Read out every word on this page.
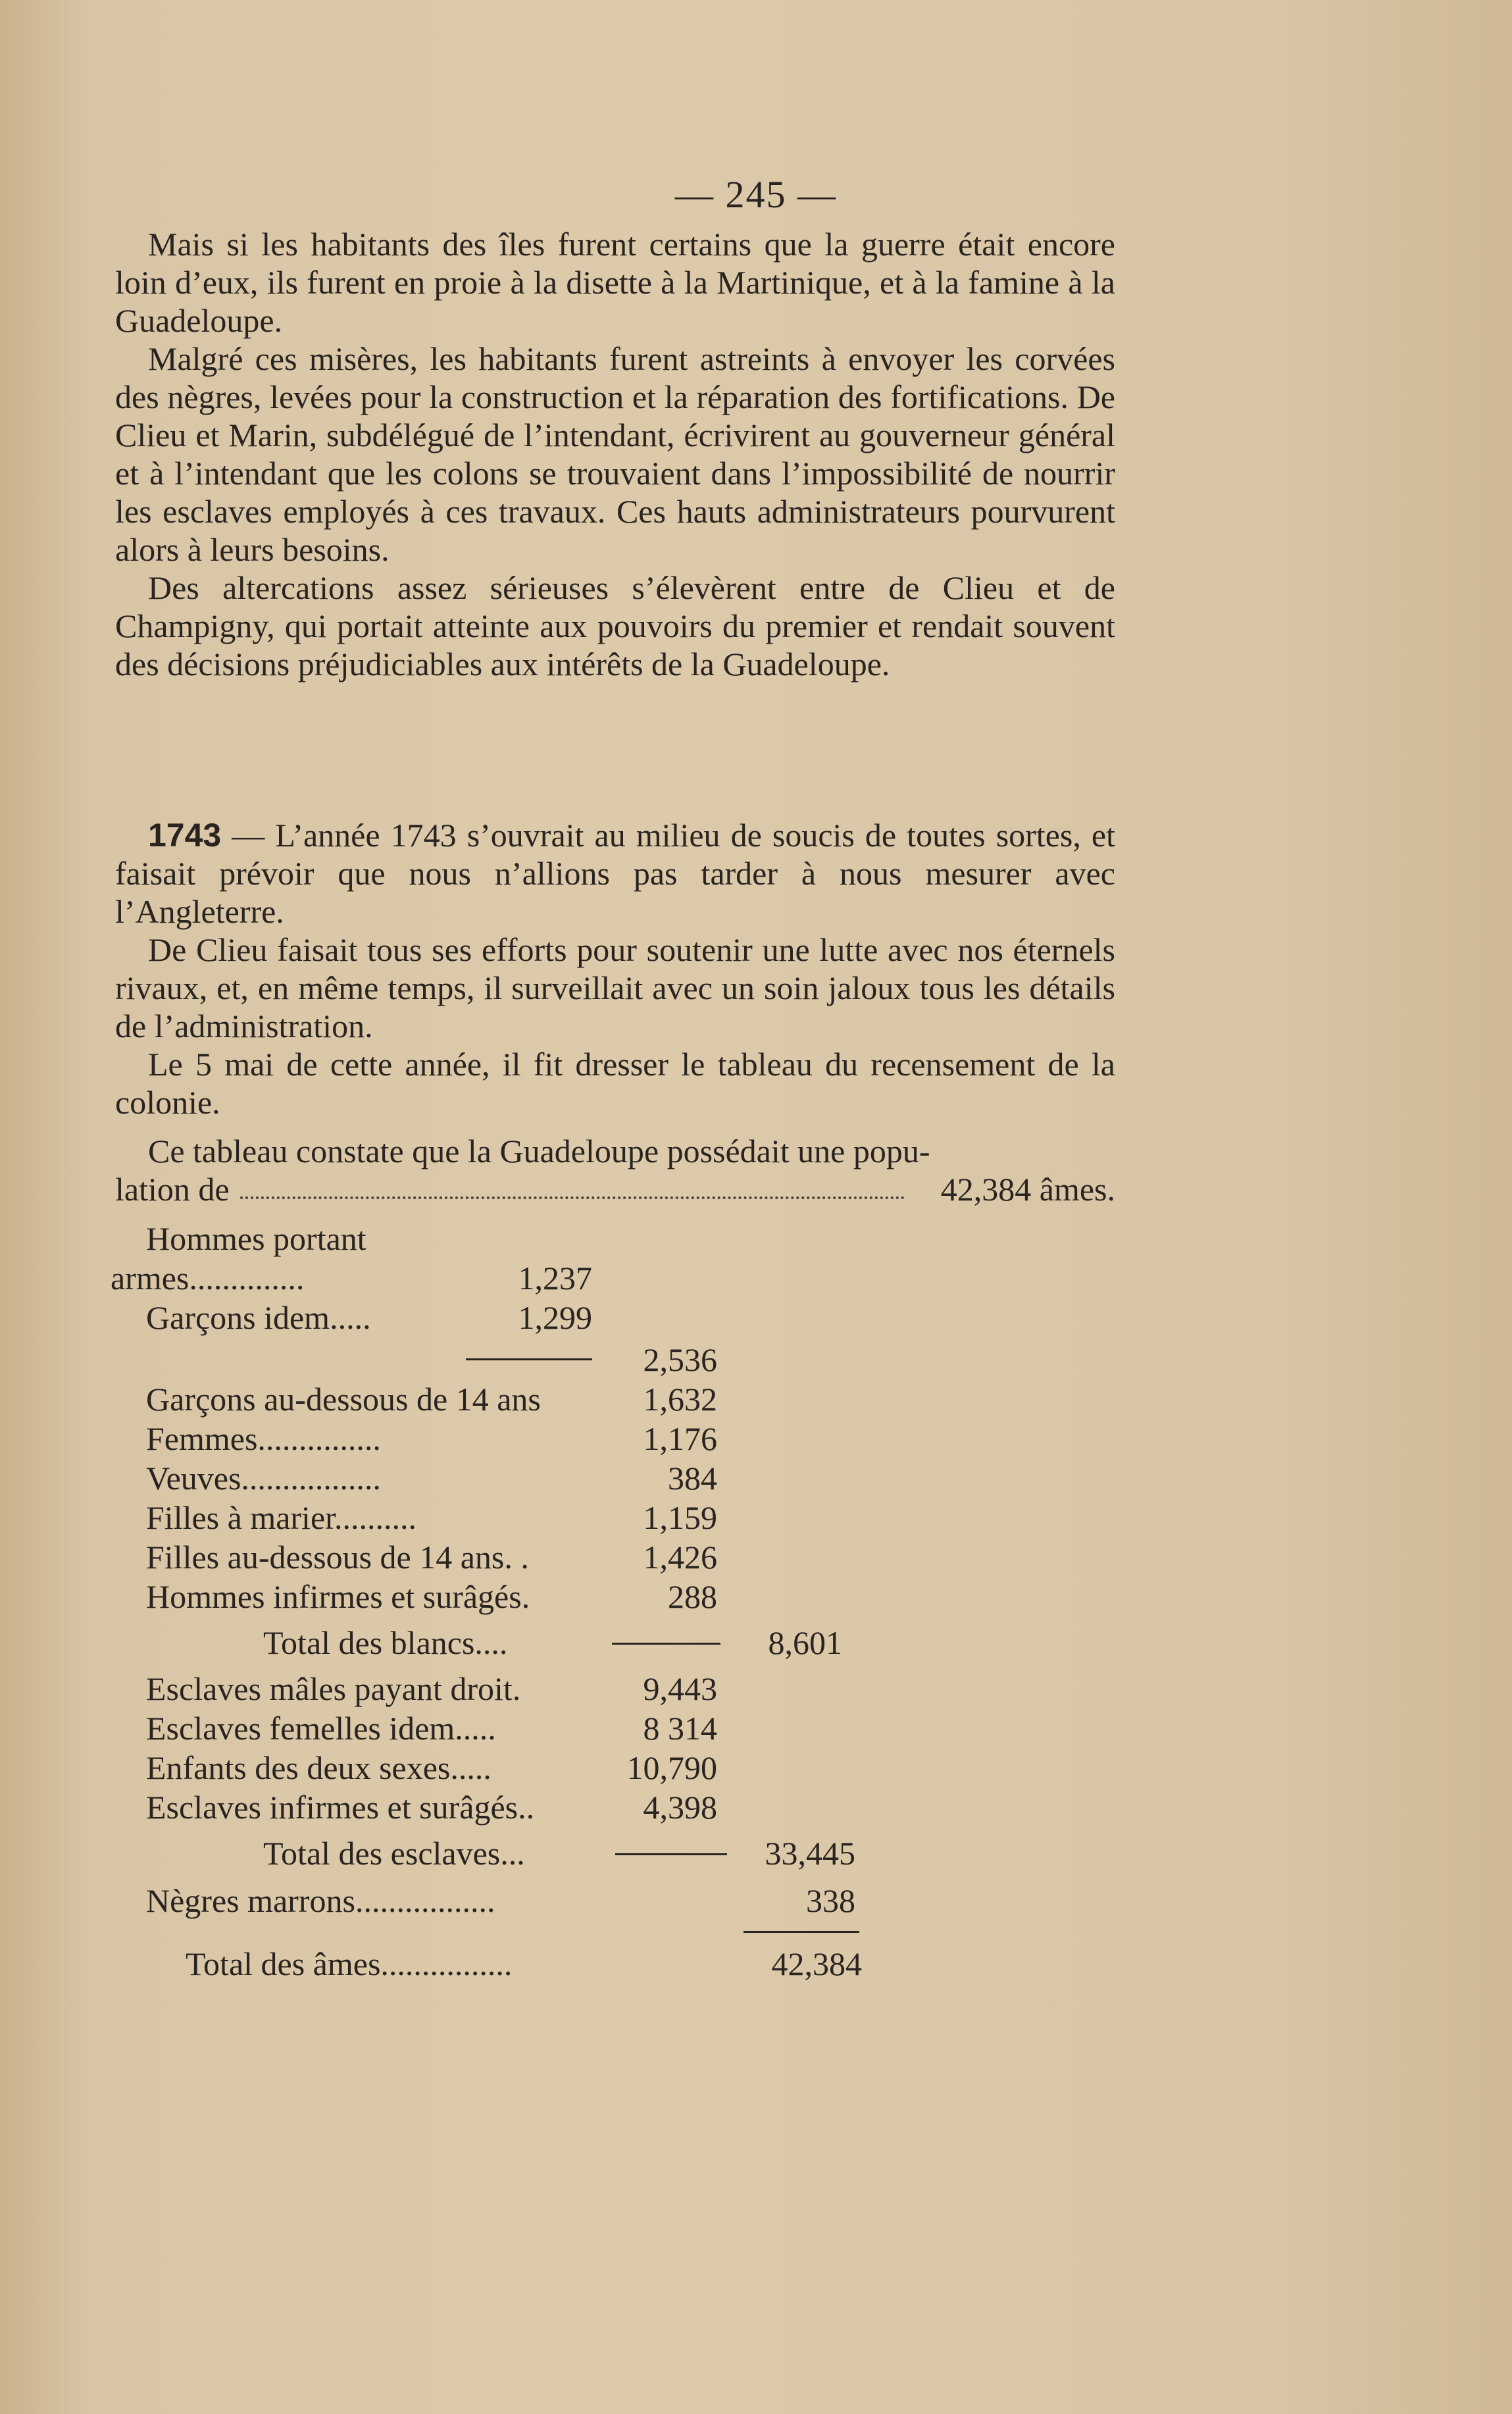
— 245 —

Mais si les habitants des îles furent certains que la guerre était encore loin d’eux, ils furent en proie à la disette à la Martinique, et à la famine à la Guadeloupe.

Malgré ces misères, les habitants furent astreints à envoyer les corvées des nègres, levées pour la construction et la réparation des fortifications. De Clieu et Marin, subdélégué de l’intendant, écrivirent au gouverneur général et à l’intendant que les colons se trouvaient dans l’impossibilité de nourrir les esclaves employés à ces travaux. Ces hauts administrateurs pourvurent alors à leurs besoins.

Des altercations assez sérieuses s’élevèrent entre de Clieu et de Champigny, qui portait atteinte aux pouvoirs du premier et rendait souvent des décisions préjudiciables aux intérêts de la Guadeloupe.

1743 — L’année 1743 s’ouvrait au milieu de soucis de toutes sortes, et faisait prévoir que nous n’allions pas tarder à nous mesurer avec l’Angleterre.

De Clieu faisait tous ses efforts pour soutenir une lutte avec nos éternels rivaux, et, en même temps, il surveillait avec un soin jaloux tous les détails de l’administration.

Le 5 mai de cette année, il fit dresser le tableau du recensement de la colonie.

Ce tableau constate que la Guadeloupe possédait une popu-
lation de	42,384 âmes.
Hommes portant
armes..............	1,237
Garçons idem.....	1,299
2,536
Garçons au-dessous de 14 ans	1,632
Femmes...............	1,176
Veuves.................	384
Filles à marier..........	1,159
Filles au-dessous de 14 ans. .	1,426
Hommes infirmes et surâgés.	288
Total des blancs....	8,601
Esclaves mâles payant droit.	9,443
Esclaves femelles idem.....	8 314
Enfants des deux sexes.....	10,790
Esclaves infirmes et surâgés..	4,398
Total des esclaves...	33,445
Nègres marrons.................	338
Total des âmes................	42,384
